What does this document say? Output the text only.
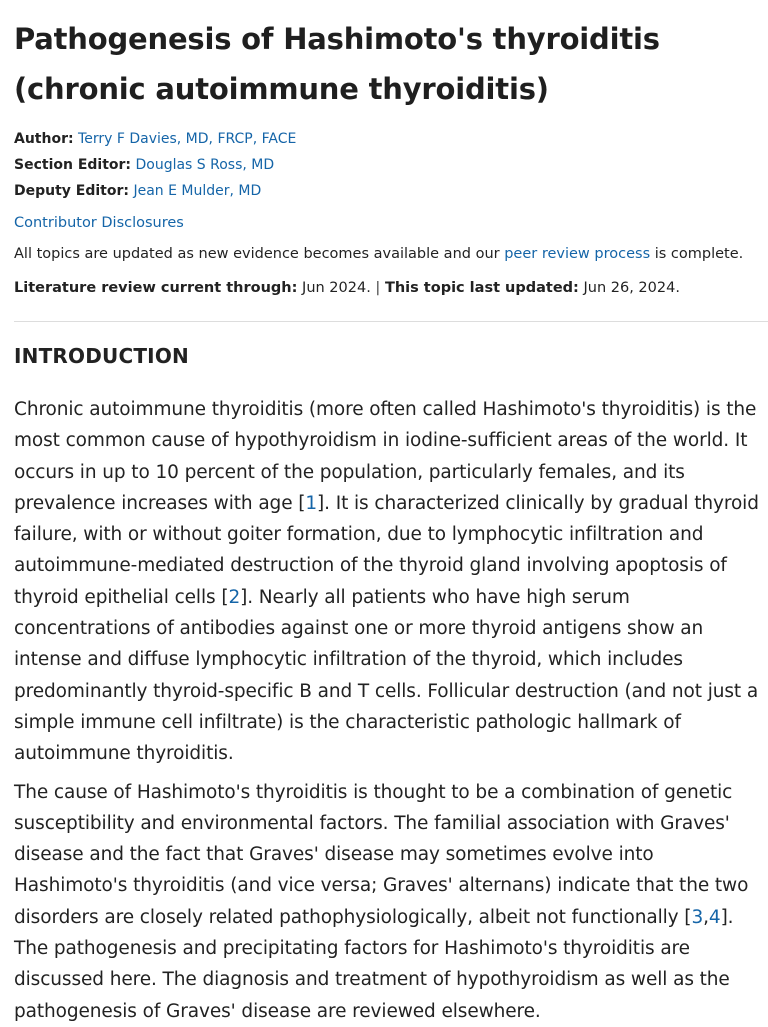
Pathogenesis of Hashimoto's thyroiditis (chronic autoimmune thyroiditis)
Author: Terry F Davies, MD, FRCP, FACE
Section Editor: Douglas S Ross, MD
Deputy Editor: Jean E Mulder, MD
Contributor Disclosures
All topics are updated as new evidence becomes available and our peer review process is complete.
Literature review current through: Jun 2024. | This topic last updated: Jun 26, 2024.
INTRODUCTION

Chronic autoimmune thyroiditis (more often called Hashimoto's thyroiditis) is the most common cause of hypothyroidism in iodine-sufficient areas of the world. It occurs in up to 10 percent of the population, particularly females, and its prevalence increases with age [1]. It is characterized clinically by gradual thyroid failure, with or without goiter formation, due to lymphocytic infiltration and autoimmune-mediated destruction of the thyroid gland involving apoptosis of thyroid epithelial cells [2]. Nearly all patients who have high serum concentrations of antibodies against one or more thyroid antigens show an intense and diffuse lymphocytic infiltration of the thyroid, which includes predominantly thyroid-specific B and T cells. Follicular destruction (and not just a simple immune cell infiltrate) is the characteristic pathologic hallmark of autoimmune thyroiditis.

The cause of Hashimoto's thyroiditis is thought to be a combination of genetic susceptibility and environmental factors. The familial association with Graves' disease and the fact that Graves' disease may sometimes evolve into Hashimoto's thyroiditis (and vice versa; Graves' alternans) indicate that the two disorders are closely related pathophysiologically, albeit not functionally [3,4]. The pathogenesis and precipitating factors for Hashimoto's thyroiditis are discussed here. The diagnosis and treatment of hypothyroidism as well as the pathogenesis of Graves' disease are reviewed elsewhere.
